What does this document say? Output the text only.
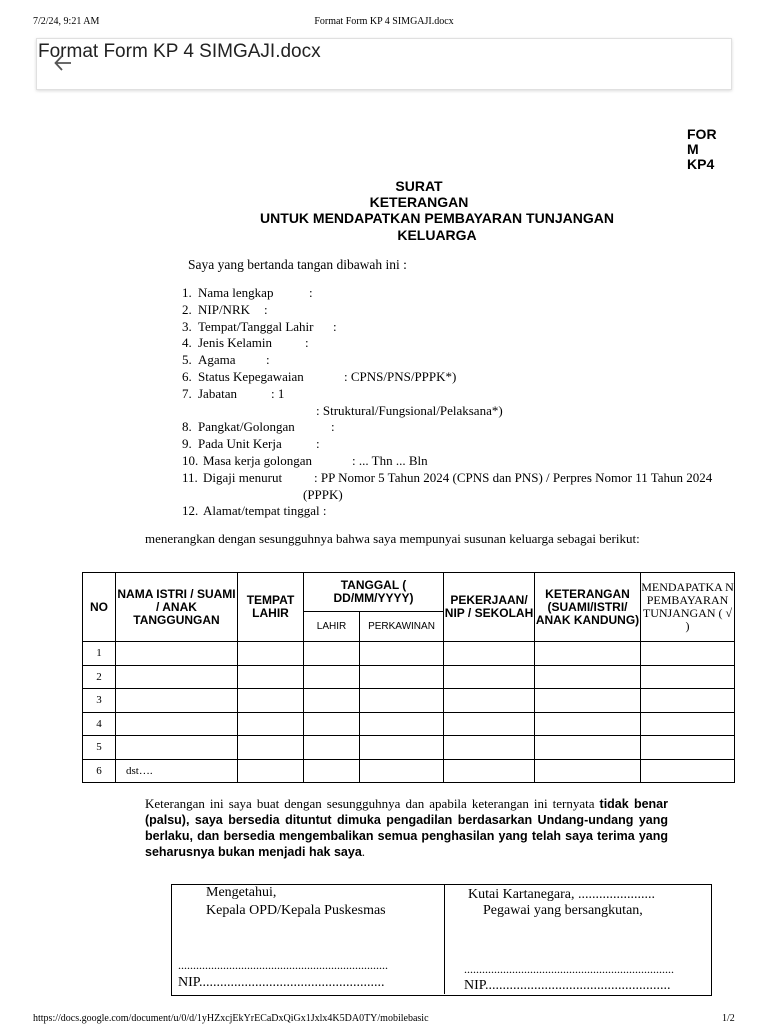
7/2/24, 9:21 AM	Format Form KP 4 SIMGAJI.docx
Format Form KP 4 SIMGAJI.docx
FOR
M
KP4
SURAT
KETERANGAN
UNTUK MENDAPATKAN PEMBAYARAN TUNJANGAN
KELUARGA
Saya yang bertanda tangan dibawah ini :
1. Nama lengkap	:
2. NIP/NRK :
3. Tempat/Tanggal Lahir :
4. Jenis Kelamin	:
5. Agama :
6. Status Kepegawaian	: CPNS/PNS/PPPK*)
7. Jabatan	: 1
: Struktural/Fungsional/Pelaksana*)
8. Pangkat/Golongan	:
9. Pada Unit Kerja	:
10. Masa kerja golongan	: ... Thn ... Bln
11. Digaji menurut : PP Nomor 5 Tahun 2024 (CPNS dan PNS) / Perpres Nomor 11 Tahun 2024
(PPPK)
12. Alamat/tempat tinggal :
menerangkan dengan sesungguhnya bahwa saya mempunyai susunan keluarga sebagai berikut:
NO	NAMA ISTRI / SUAMI / ANAK TANGGUNGAN	TEMPAT LAHIR	TANGGAL ( DD/MM/YYYY)		PEKERJAAN/ NIP / SEKOLAH	KETERANGAN (SUAMI/ISTRI/ ANAK KANDUNG)	MENDAPATKA N PEMBAYARAN TUNJANGAN ( √ )
			LAHIR	PERKAWINAN			
1							
2							
3							
4							
5							
6	dst….						
Keterangan ini saya buat dengan sesungguhnya dan apabila keterangan ini ternyata tidak benar (palsu), saya bersedia dituntut dimuka pengadilan berdasarkan Undang-undang yang berlaku, dan bersedia mengembalikan semua penghasilan yang telah saya terima yang seharusnya bukan menjadi hak saya.
Mengetahui,
Kepala OPD/Kepala Puskesmas
......................................................................
NIP.....................................................
Kutai Kartanegara, ......................
Pegawai yang bersangkutan,
......................................................................
NIP.....................................................
https://docs.google.com/document/u/0/d/1yHZxcjEkYrECaDxQiGx1Jxlx4K5DA0TY/mobilebasic	1/2
